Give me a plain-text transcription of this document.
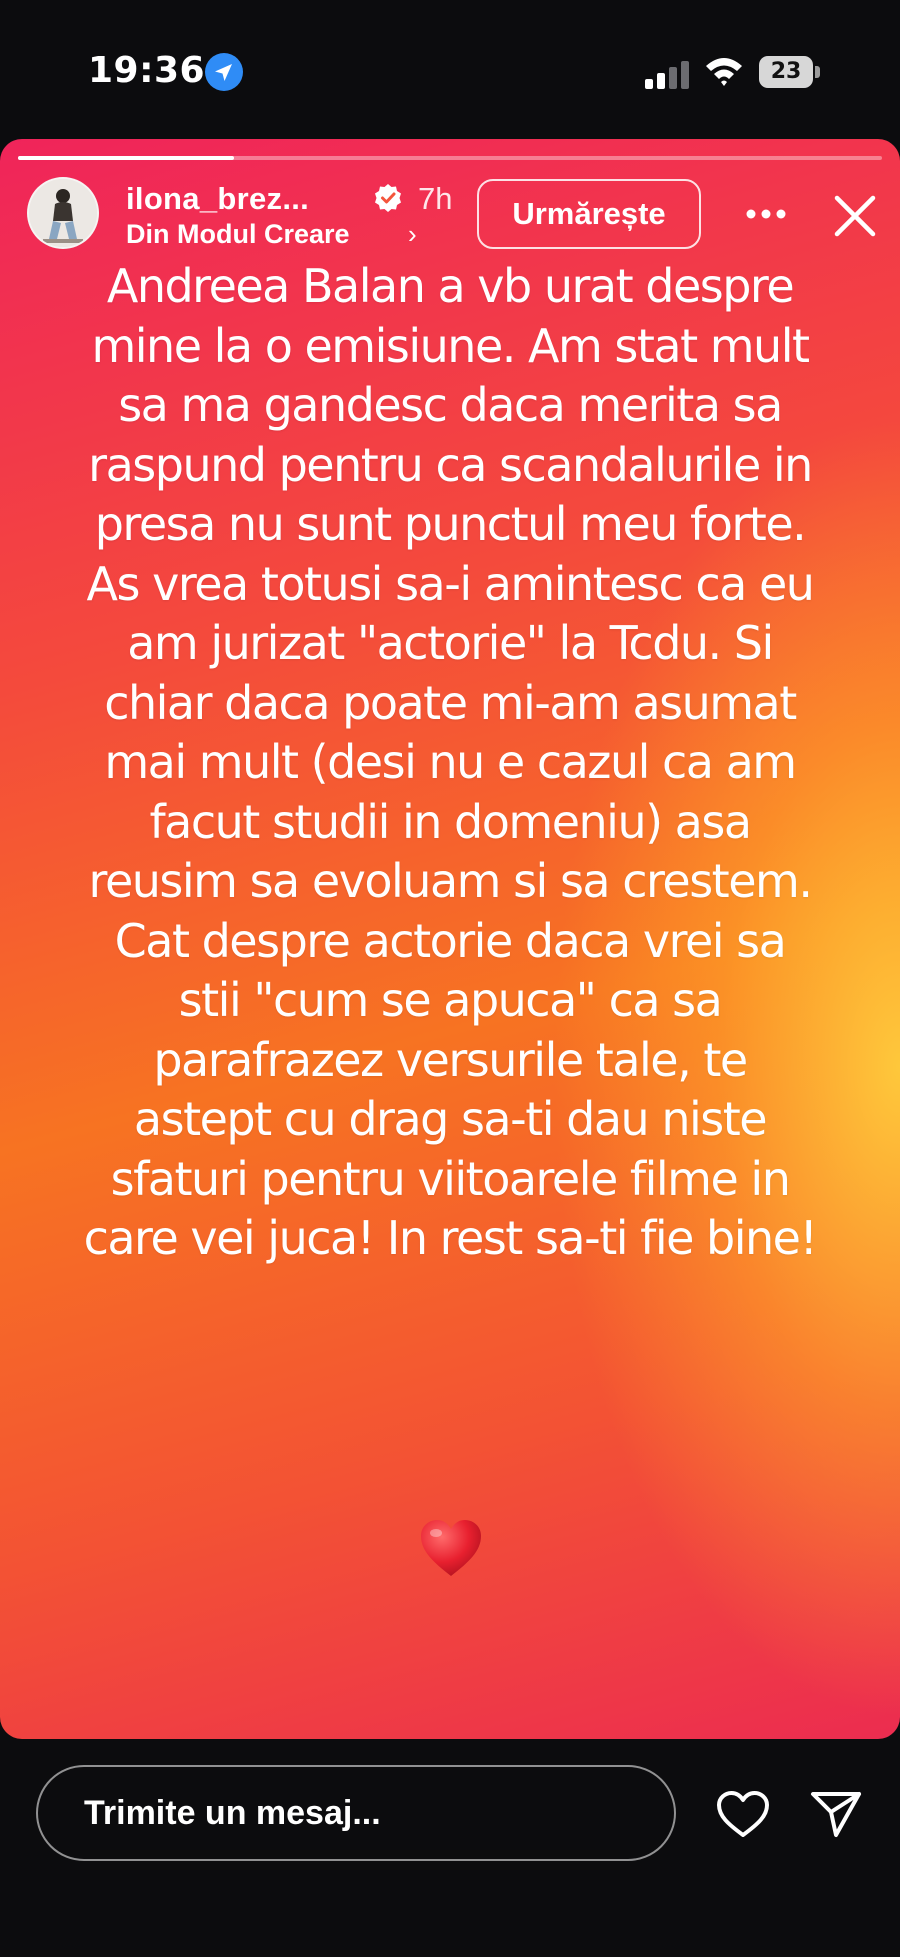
19:36	23
ilona_brez...	7h
Din Modul Creare ›
Urmărește
Andreea Balan a vb urat despre
mine la o emisiune. Am stat mult
sa ma gandesc daca merita sa
raspund pentru ca scandalurile in
presa nu sunt punctul meu forte.
As vrea totusi sa-i amintesc ca eu
am jurizat "actorie" la Tcdu. Si
chiar daca poate mi-am asumat
mai mult (desi nu e cazul ca am
facut studii in domeniu) asa
reusim sa evoluam si sa crestem.
Cat despre actorie daca vrei sa
stii "cum se apuca" ca sa
parafrazez versurile tale, te
astept cu drag sa-ti dau niste
sfaturi pentru viitoarele filme in
care vei juca! In rest sa-ti fie bine!
Trimite un mesaj...
